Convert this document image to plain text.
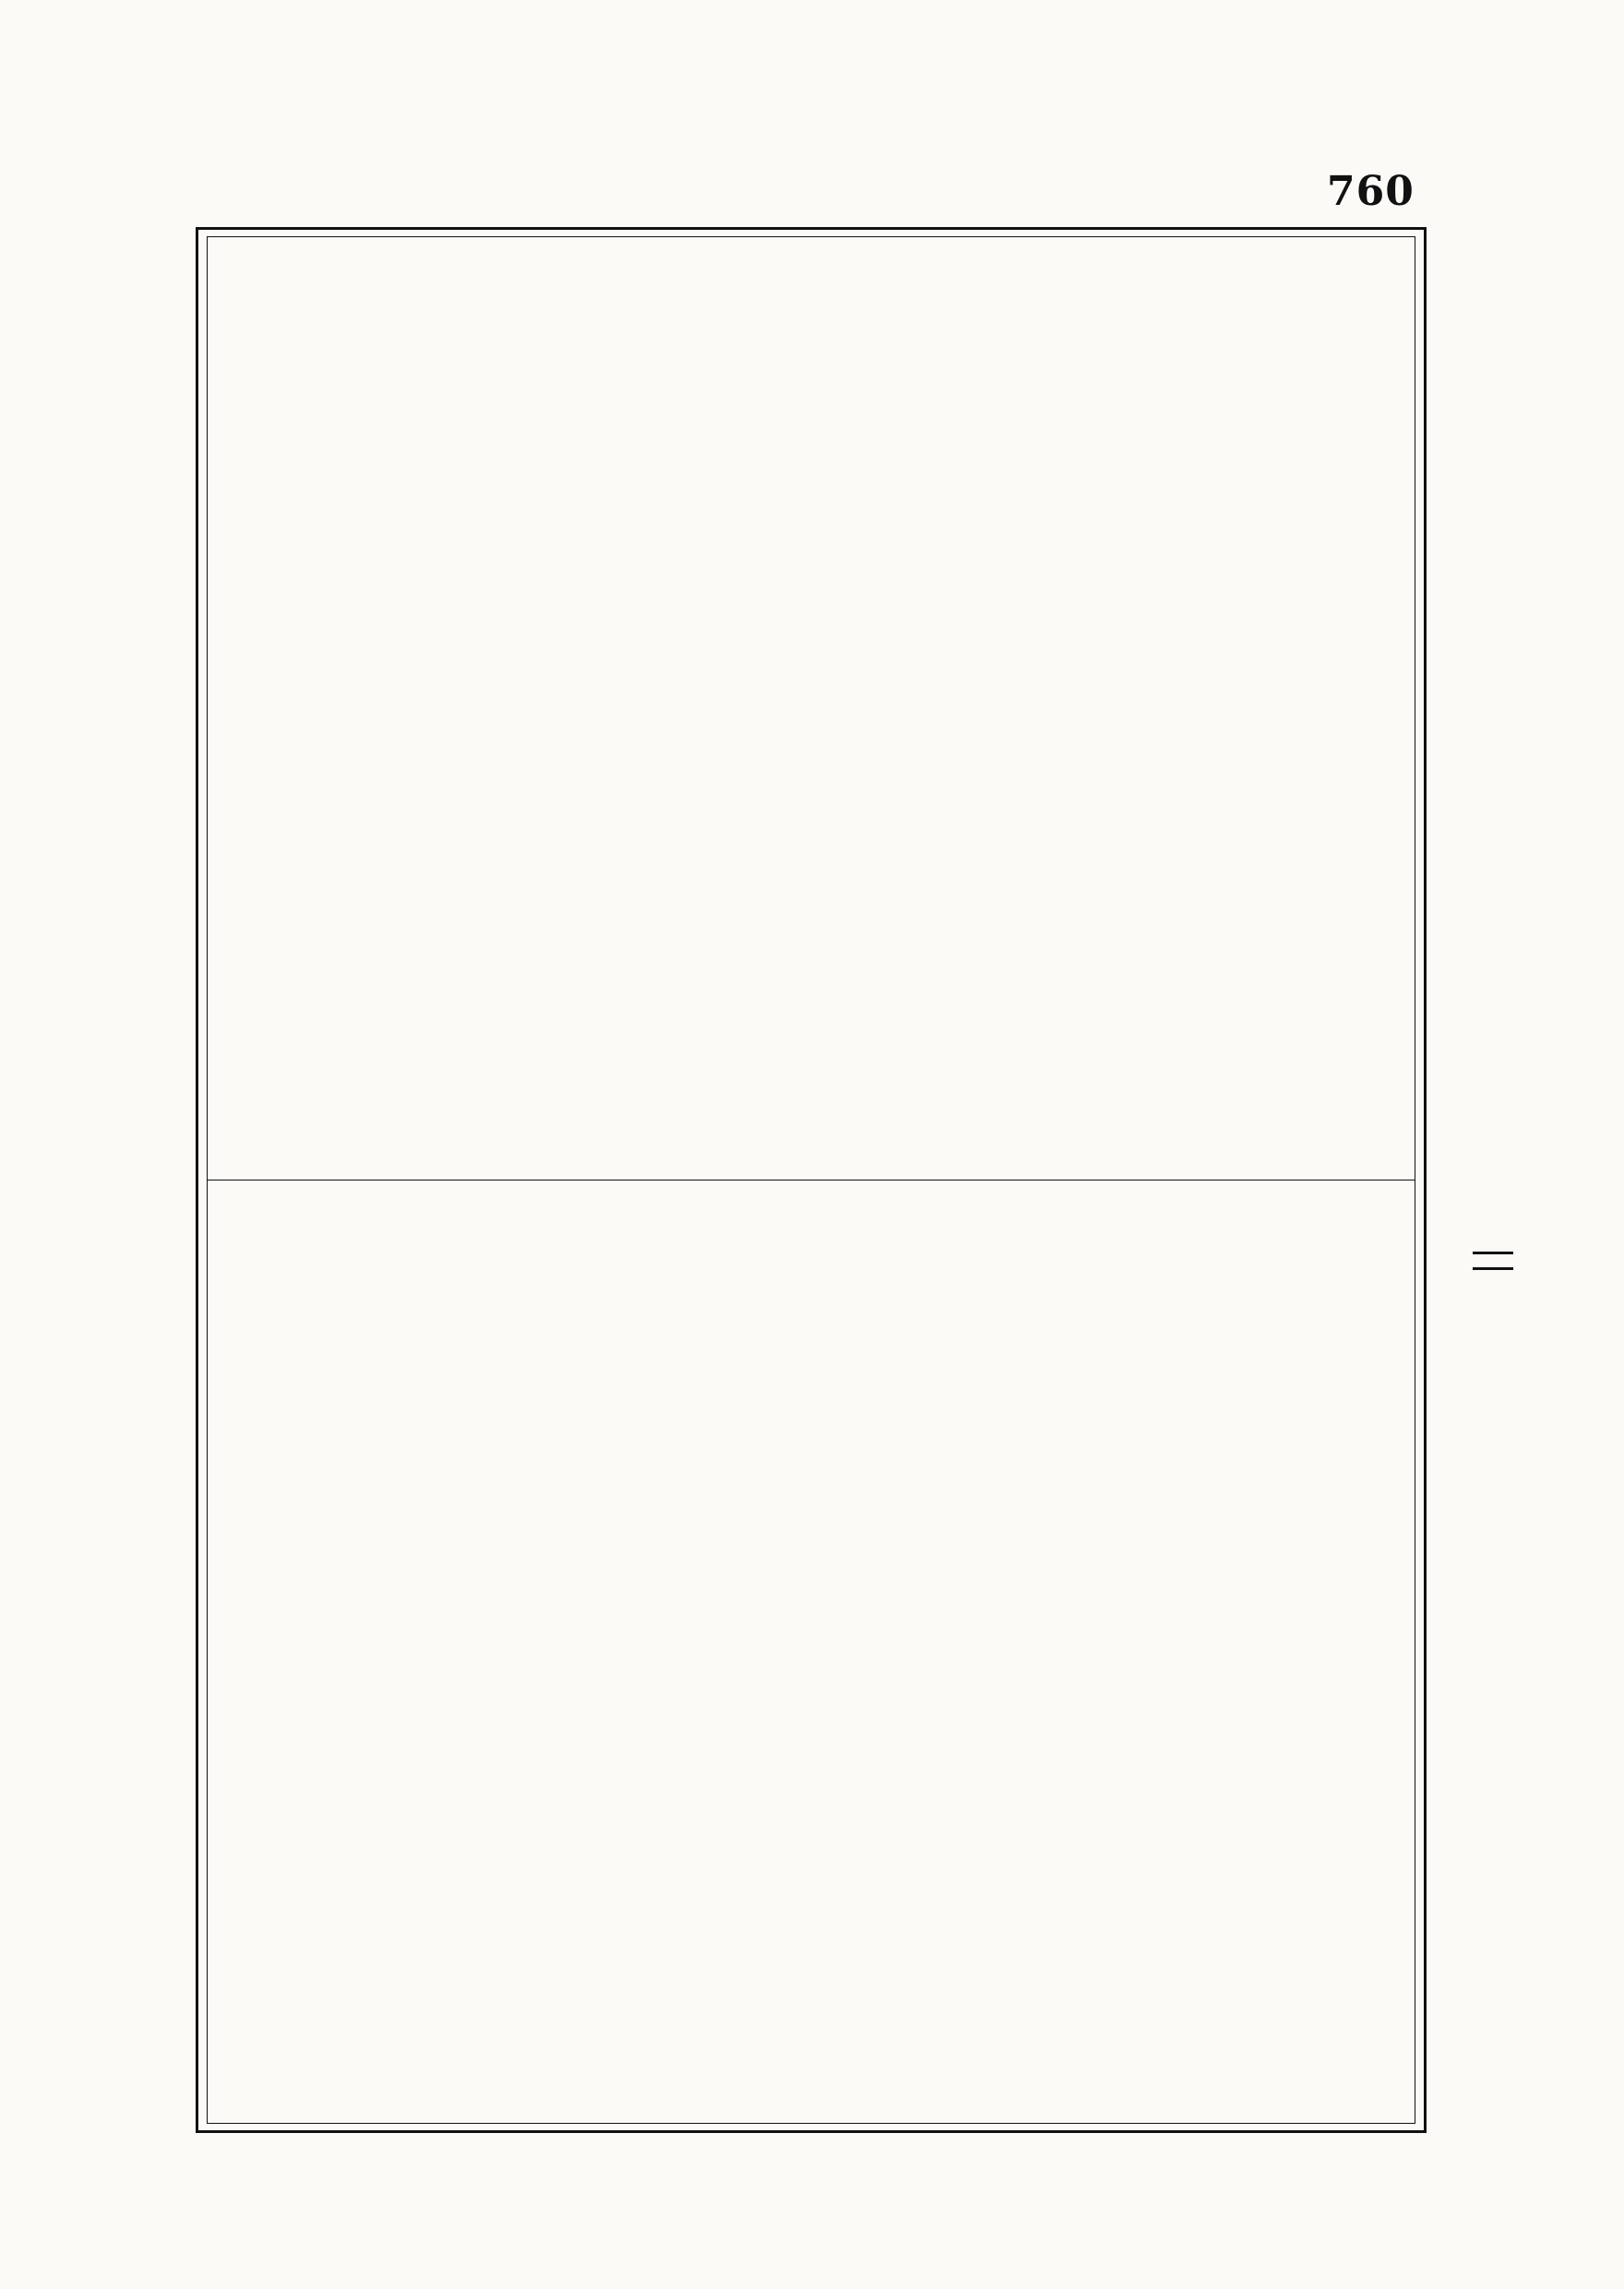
760
